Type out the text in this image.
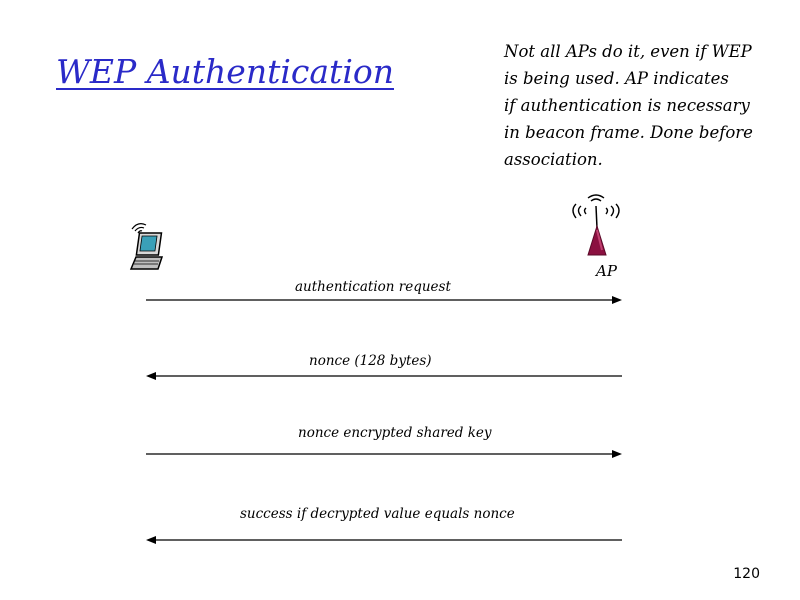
WEP Authentication
Not all APs do it, even if WEP
is being used. AP indicates
if authentication is necessary
in beacon frame. Done before
association.
AP
authentication request
nonce (128 bytes)
nonce encrypted shared key
success if decrypted value equals nonce
120
